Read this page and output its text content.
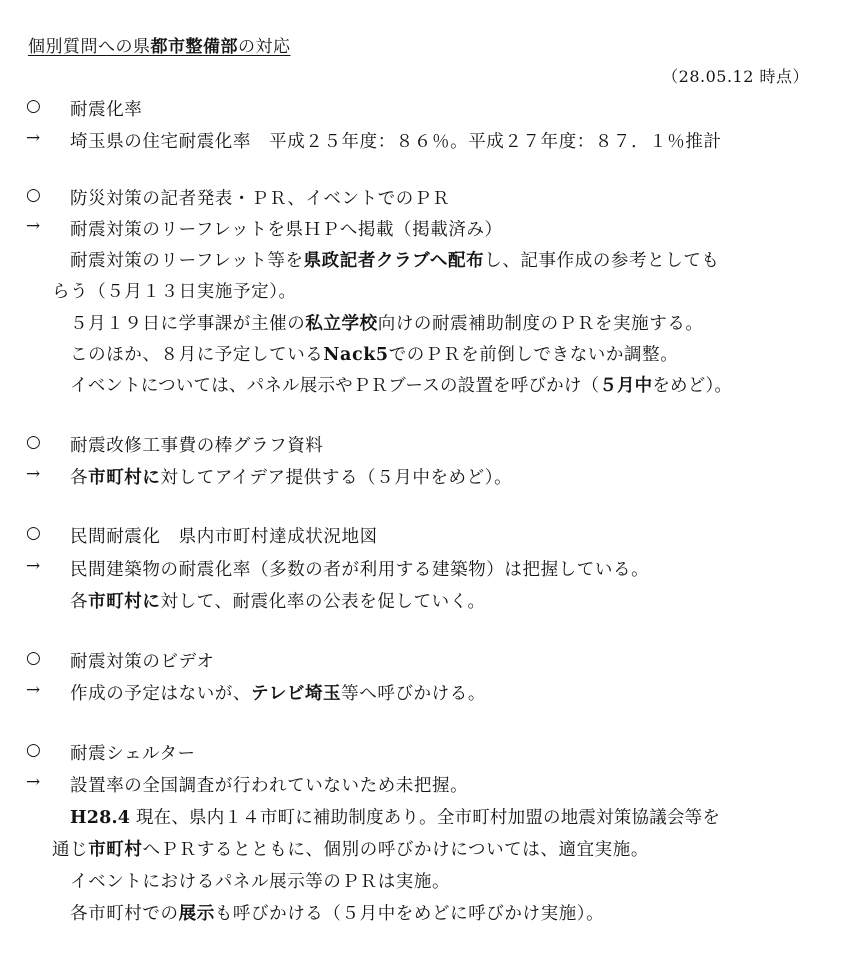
個別質問への県都市整備部の対応
（28.05.12 時点）
○ 耐震化率
→ 埼玉県の住宅耐震化率　平成２５年度：８６％。平成２７年度：８７．１％推計
○ 防災対策の記者発表・ＰＲ、イベントでのＰＲ
→ 耐震対策のリーフレットを県ＨＰへ掲載（掲載済み）
耐震対策のリーフレット等を県政記者クラブへ配布し、記事作成の参考としても
らう（５月１３日実施予定）。
５月１９日に学事課が主催の私立学校向けの耐震補助制度のＰＲを実施する。
このほか、８月に予定しているNack5でのＰＲを前倒しできないか調整。
イベントについては、パネル展示やＰＲブースの設置を呼びかけ（５月中をめど）。
○ 耐震改修工事費の棒グラフ資料
→ 各市町村に対してアイデア提供する（５月中をめど）。
○ 民間耐震化　県内市町村達成状況地図
→ 民間建築物の耐震化率（多数の者が利用する建築物）は把握している。
各市町村に対して、耐震化率の公表を促していく。
○ 耐震対策のビデオ
→ 作成の予定はないが、テレビ埼玉等へ呼びかける。
○ 耐震シェルター
→ 設置率の全国調査が行われていないため未把握。
H28.4 現在、県内１４市町に補助制度あり。全市町村加盟の地震対策協議会等を
通じ市町村へＰＲするとともに、個別の呼びかけについては、適宜実施。
イベントにおけるパネル展示等のＰＲは実施。
各市町村での展示も呼びかける（５月中をめどに呼びかけ実施）。
